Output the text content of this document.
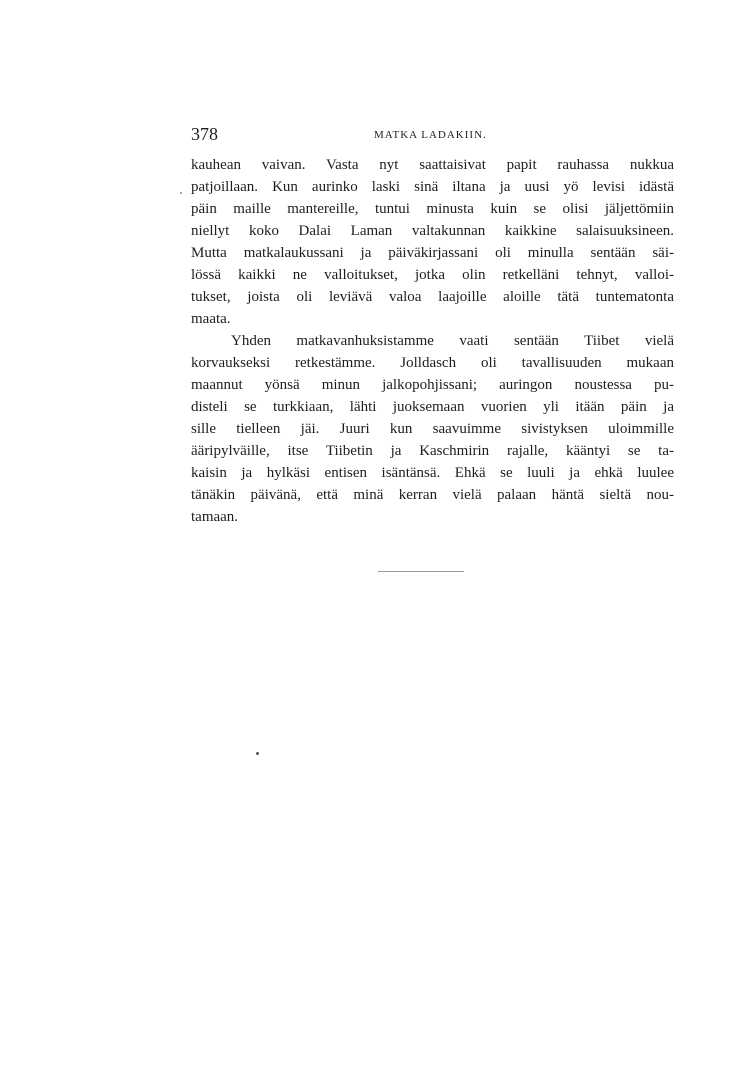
378	MATKA LADAKIIN.
kauhean vaivan. Vasta nyt saattaisivat papit rauhassa nukkua
patjoillaan. Kun aurinko laski sinä iltana ja uusi yö levisi idästä
päin maille mantereille, tuntui minusta kuin se olisi jäljettömiin
niellyt koko Dalai Laman valtakunnan kaikkine salaisuuksineen.
Mutta matkalaukussani ja päiväkirjassani oli minulla sentään säi-
lössä kaikki ne valloitukset, jotka olin retkelläni tehnyt, valloi-
tukset, joista oli leviävä valoa laajoille aloille tätä tuntematonta
maata.
Yhden matkavanhuksistamme vaati sentään Tiibet vielä
korvaukseksi retkestämme. Jolldasch oli tavallisuuden mukaan
maannut yönsä minun jalkopohjissani; auringon noustessa pu-
disteli se turkkiaan, lähti juoksemaan vuorien yli itään päin ja
sille tielleen jäi. Juuri kun saavuimme sivistyksen uloimmille
ääripylväille, itse Tiibetin ja Kaschmirin rajalle, kääntyi se ta-
kaisin ja hylkäsi entisen isäntänsä. Ehkä se luuli ja ehkä luulee
tänäkin päivänä, että minä kerran vielä palaan häntä sieltä nou-
tamaan.
